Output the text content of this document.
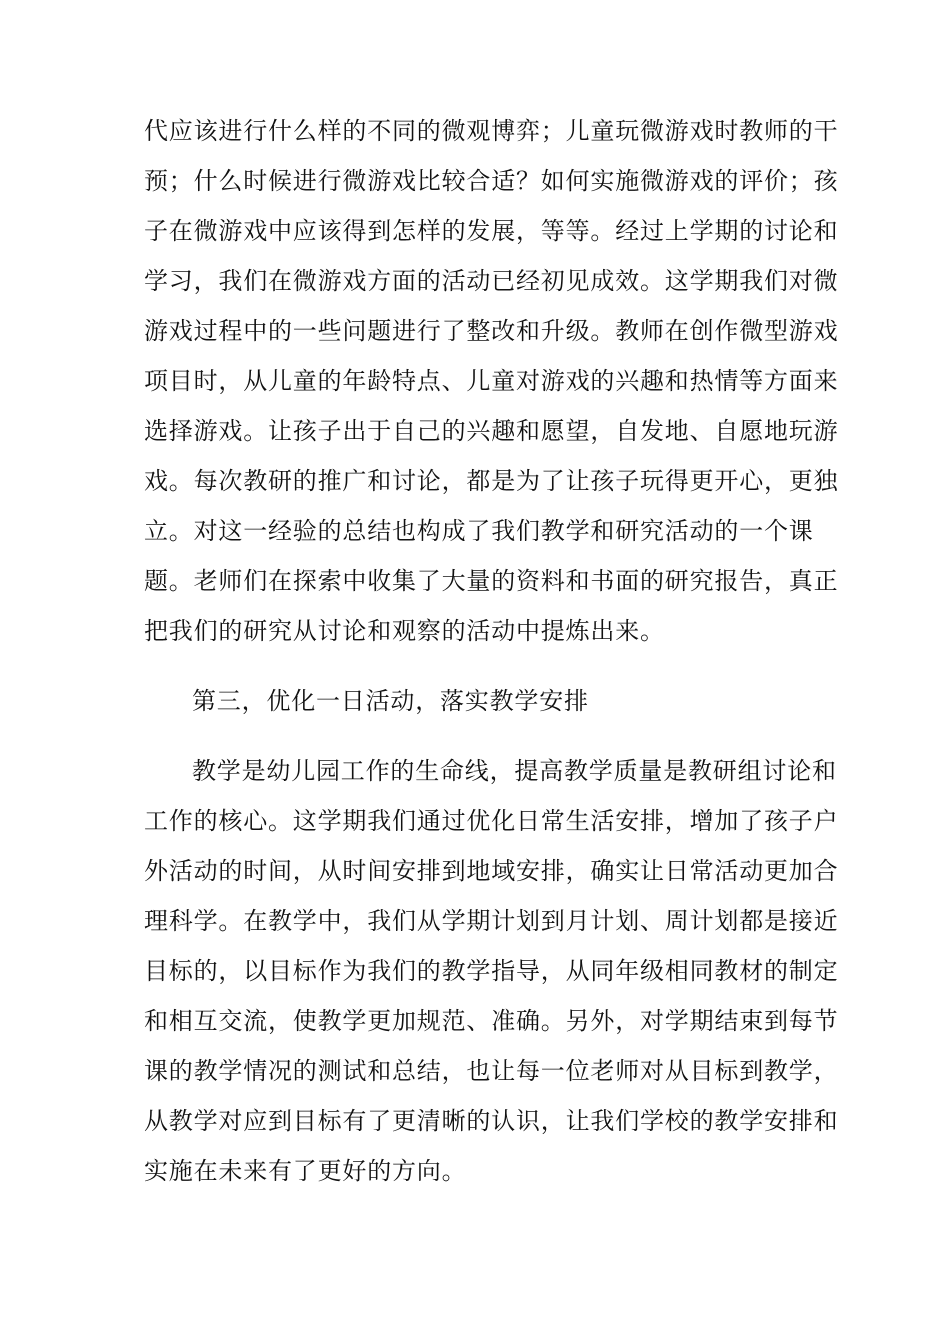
代应该进行什么样的不同的微观博弈；儿童玩微游戏时教师的干
预；什么时候进行微游戏比较合适？如何实施微游戏的评价；孩
子在微游戏中应该得到怎样的发展，等等。经过上学期的讨论和
学习，我们在微游戏方面的活动已经初见成效。这学期我们对微
游戏过程中的一些问题进行了整改和升级。教师在创作微型游戏
项目时，从儿童的年龄特点、儿童对游戏的兴趣和热情等方面来
选择游戏。让孩子出于自己的兴趣和愿望，自发地、自愿地玩游
戏。每次教研的推广和讨论，都是为了让孩子玩得更开心，更独
立。对这一经验的总结也构成了我们教学和研究活动的一个课
题。老师们在探索中收集了大量的资料和书面的研究报告，真正
把我们的研究从讨论和观察的活动中提炼出来。
第三，优化一日活动，落实教学安排
教学是幼儿园工作的生命线，提高教学质量是教研组讨论和
工作的核心。这学期我们通过优化日常生活安排，增加了孩子户
外活动的时间，从时间安排到地域安排，确实让日常活动更加合
理科学。在教学中，我们从学期计划到月计划、周计划都是接近
目标的，以目标作为我们的教学指导，从同年级相同教材的制定
和相互交流，使教学更加规范、准确。另外，对学期结束到每节
课的教学情况的测试和总结，也让每一位老师对从目标到教学，
从教学对应到目标有了更清晰的认识，让我们学校的教学安排和
实施在未来有了更好的方向。
